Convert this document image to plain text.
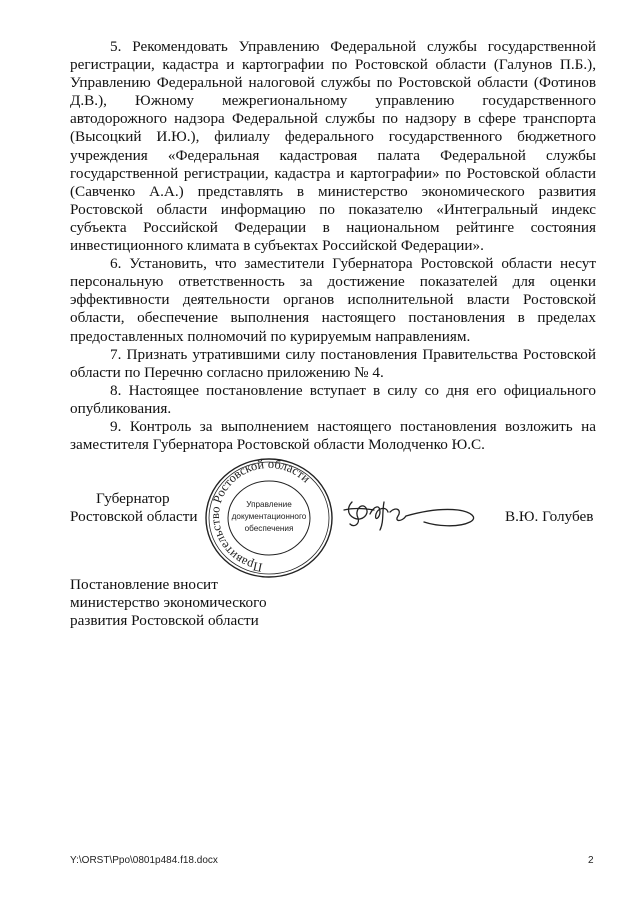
5. Рекомендовать Управлению Федеральной службы государственной регистрации, кадастра и картографии по Ростовской области (Галунов П.Б.), Управлению Федеральной налоговой службы по Ростовской области (Фотинов Д.В.), Южному межрегиональному управлению государственного автодорожного надзора Федеральной службы по надзору в сфере транспорта (Высоцкий И.Ю.), филиалу федерального государственного бюджетного учреждения «Федеральная кадастровая палата Федеральной службы государственной регистрации, кадастра и картографии» по Ростовской области (Савченко А.А.) представлять в министерство экономического развития Ростовской области информацию по показателю «Интегральный индекс субъекта Российской Федерации в национальном рейтинге состояния инвестиционного климата в субъектах Российской Федерации».

6. Установить, что заместители Губернатора Ростовской области несут персональную ответственность за достижение показателей для оценки эффективности деятельности органов исполнительной власти Ростовской области, обеспечение выполнения настоящего постановления в пределах предоставленных полномочий по курируемым направлениям.

7. Признать утратившими силу постановления Правительства Ростовской области по Перечню согласно приложению № 4.

8. Настоящее постановление вступает в силу со дня его официального опубликования.

9. Контроль за выполнением настоящего постановления возложить на заместителя Губернатора Ростовской области Молодченко Ю.С.

Губернатор
Ростовской области
Правительство Ростовской области
Управление
документационного
обеспечения
В.Ю. Голубев
Постановление вносит
министерство экономического
развития Ростовской области
Y:\ORST\Ppo\0801p484.f18.docx	2
